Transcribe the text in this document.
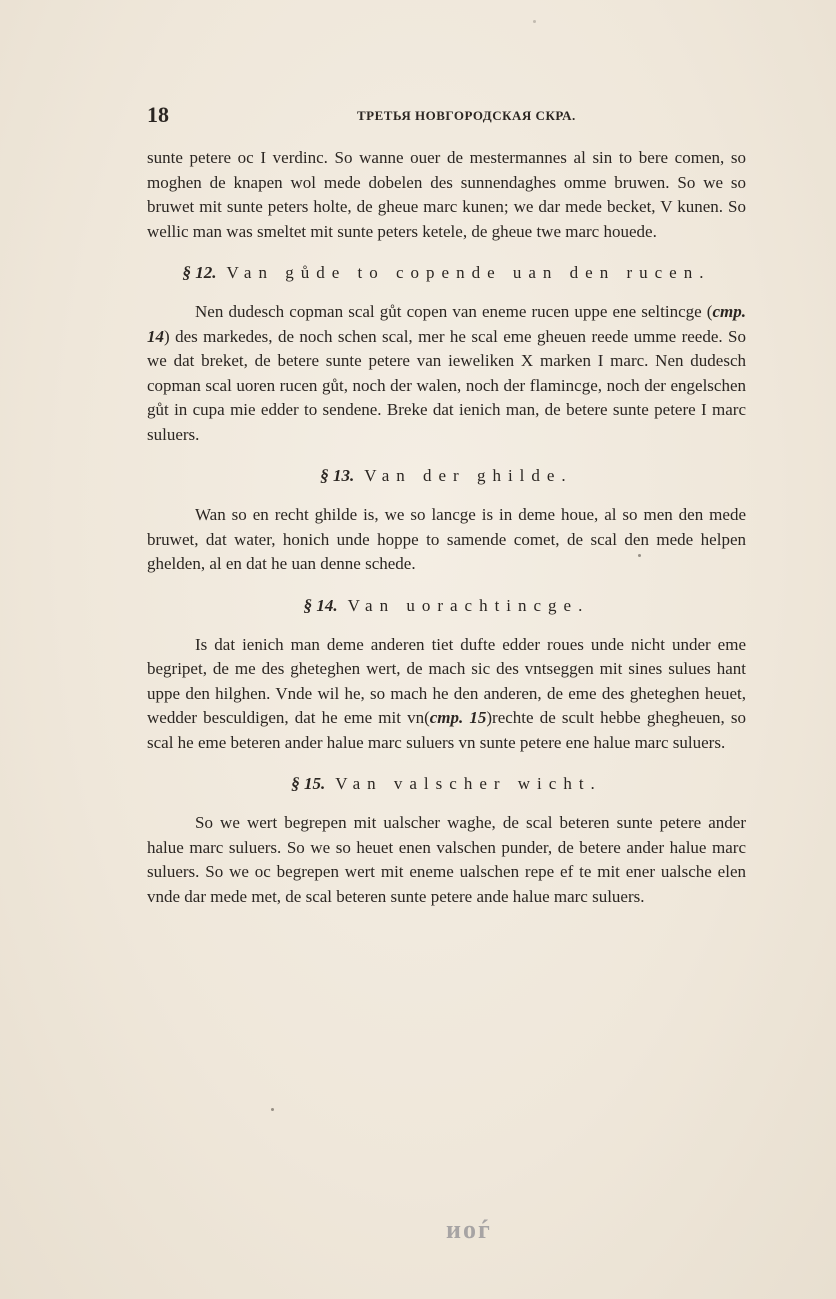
18	ТРЕТЬЯ НОВГОРОДСКАЯ СКРА.

sunte petere oc I verdinc. So wanne ouer de mestermannes al sin to bere comen, so moghen de knapen wol mede dobelen des sunnendaghes omme bruwen. So we so bruwet mit sunte peters holte, de gheue marc kunen; we dar mede becket, V kunen. So wellic man was smeltet mit sunte peters ketele, de gheue twe marc houede.

§ 12. Van gůde to copende uan den rucen.

Nen dudesch copman scal gůt copen van eneme rucen uppe ene seltincge (cmp. 14) des markedes, de noch schen scal, mer he scal eme gheuen reede umme reede. So we dat breket, de betere sunte petere van ieweliken X marken I marc. Nen dudesch copman scal uoren rucen gůt, noch der walen, noch der flamincge, noch der engelschen gůt in cupa mie edder to sendene. Breke dat ienich man, de betere sunte petere I marc suluers.

§ 13. Van der ghilde.

Wan so en recht ghilde is, we so lancge is in deme houe, al so men den mede bruwet, dat water, honich unde hoppe to samende comet, de scal den mede helpen ghelden, al en dat he uan denne schede.

§ 14. Van uorachtincge.

Is dat ienich man deme anderen tiet dufte edder roues unde nicht under eme begripet, de me des gheteghen wert, de mach sic des vntseggen mit sines sulues hant uppe den hilghen. Vnde wil he, so mach he den anderen, de eme des gheteghen heuet, wedder besculdigen, dat he eme mit vn(cmp. 15)rechte de scult hebbe ghegheuen, so scal he eme beteren ander halue marc suluers vn sunte petere ene halue marc suluers.

§ 15. Van valscher wicht.

So we wert begrepen mit ualscher waghe, de scal beteren sunte petere ander halue marc suluers. So we so heuet enen valschen punder, de betere ander halue marc suluers. So we oc begrepen wert mit eneme ualschen repe ef te mit ener ualsche elen vnde dar mede met, de scal beteren sunte petere ande halue marc suluers.

иоѓ
